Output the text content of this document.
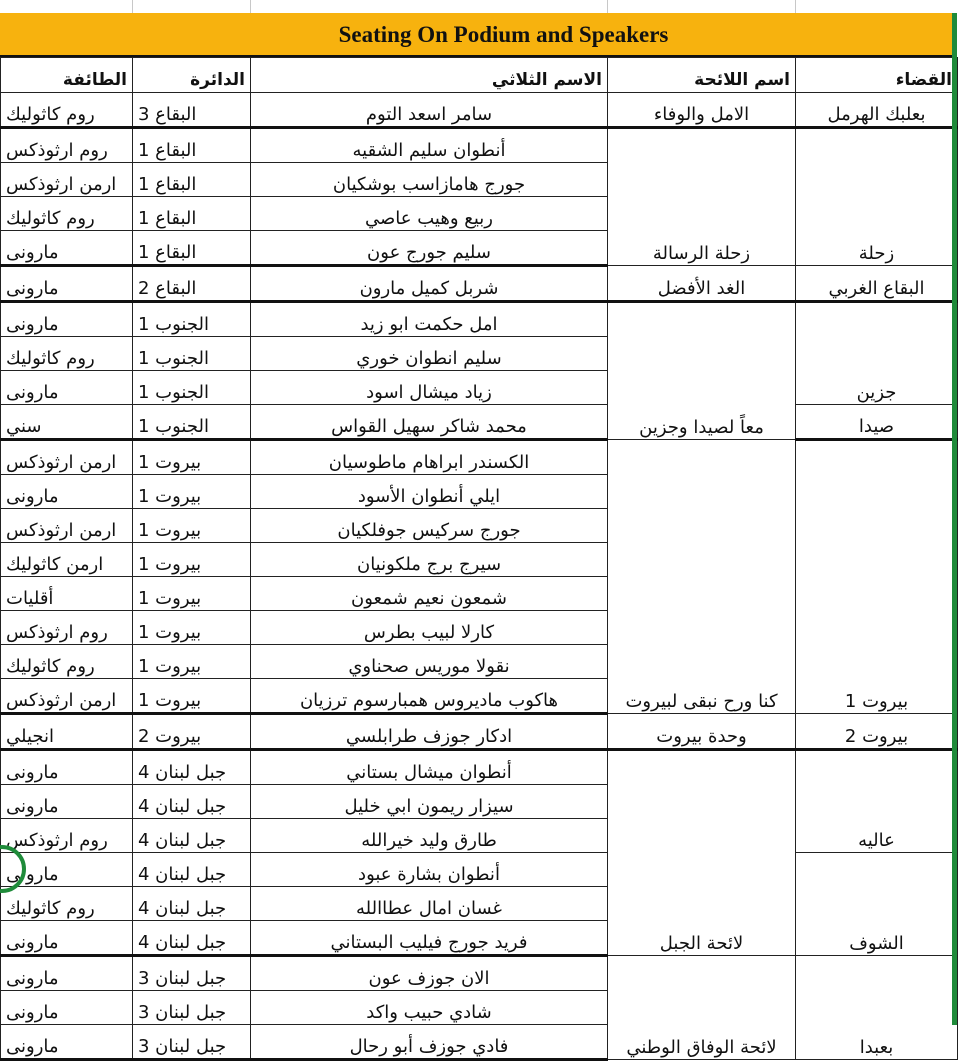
Seating On Podium and Speakers
الطائفة	الدائرة	الاسم الثلاثي	اسم اللائحة	القضاء
روم كاثوليك	البقاع 3	سامر اسعد التوم	الامل والوفاء	بعلبك الهرمل
روم ارثوذكس	البقاع 1	أنطوان سليم الشقيه	زحلة الرسالة	زحلة
ارمن ارثوذكس	البقاع 1	جورج هامازاسب بوشكيان		
روم كاثوليك	البقاع 1	ربيع وهيب عاصي		
مارونى	البقاع 1	سليم جورج عون		
مارونى	البقاع 2	شربل كميل مارون	الغد الأفضل	البقاع الغربي
مارونى	الجنوب 1	امل حكمت ابو زيد	معاً لصيدا وجزين	جزين
روم كاثوليك	الجنوب 1	سليم انطوان خوري		
مارونى	الجنوب 1	زياد ميشال اسود		
سني	الجنوب 1	محمد شاكر سهيل القواس		صيدا
ارمن ارثوذكس	بيروت 1	الكسندر ابراهام ماطوسيان	كنا ورح نبقى لبيروت	بيروت 1
مارونى	بيروت 1	ايلي أنطوان الأسود		
ارمن ارثوذكس	بيروت 1	جورج سركيس جوفلكيان		
ارمن كاثوليك	بيروت 1	سيرج برج ملكونيان		
أقليات	بيروت 1	شمعون نعيم شمعون		
روم ارثوذكس	بيروت 1	كارلا لبيب بطرس		
روم كاثوليك	بيروت 1	نقولا موريس صحناوي		
ارمن ارثوذكس	بيروت 1	هاكوب ماديروس همبارسوم ترزيان		
انجيلي	بيروت 2	ادكار جوزف طرابلسي	وحدة بيروت	بيروت 2
مارونى	جبل لبنان 4	أنطوان ميشال بستاني	لائحة الجبل	عاليه
مارونى	جبل لبنان 4	سيزار ريمون ابي خليل		
روم ارثوذكس	جبل لبنان 4	طارق وليد خيرالله		
مارونى	جبل لبنان 4	أنطوان بشارة عبود		الشوف
روم كاثوليك	جبل لبنان 4	غسان امال عطاالله		
مارونى	جبل لبنان 4	فريد جورج فيليب البستاني		
مارونى	جبل لبنان 3	الان جوزف عون	لائحة الوفاق الوطني	بعبدا
مارونى	جبل لبنان 3	شادي حبيب واكد		
مارونى	جبل لبنان 3	فادي جوزف أبو رحال		
